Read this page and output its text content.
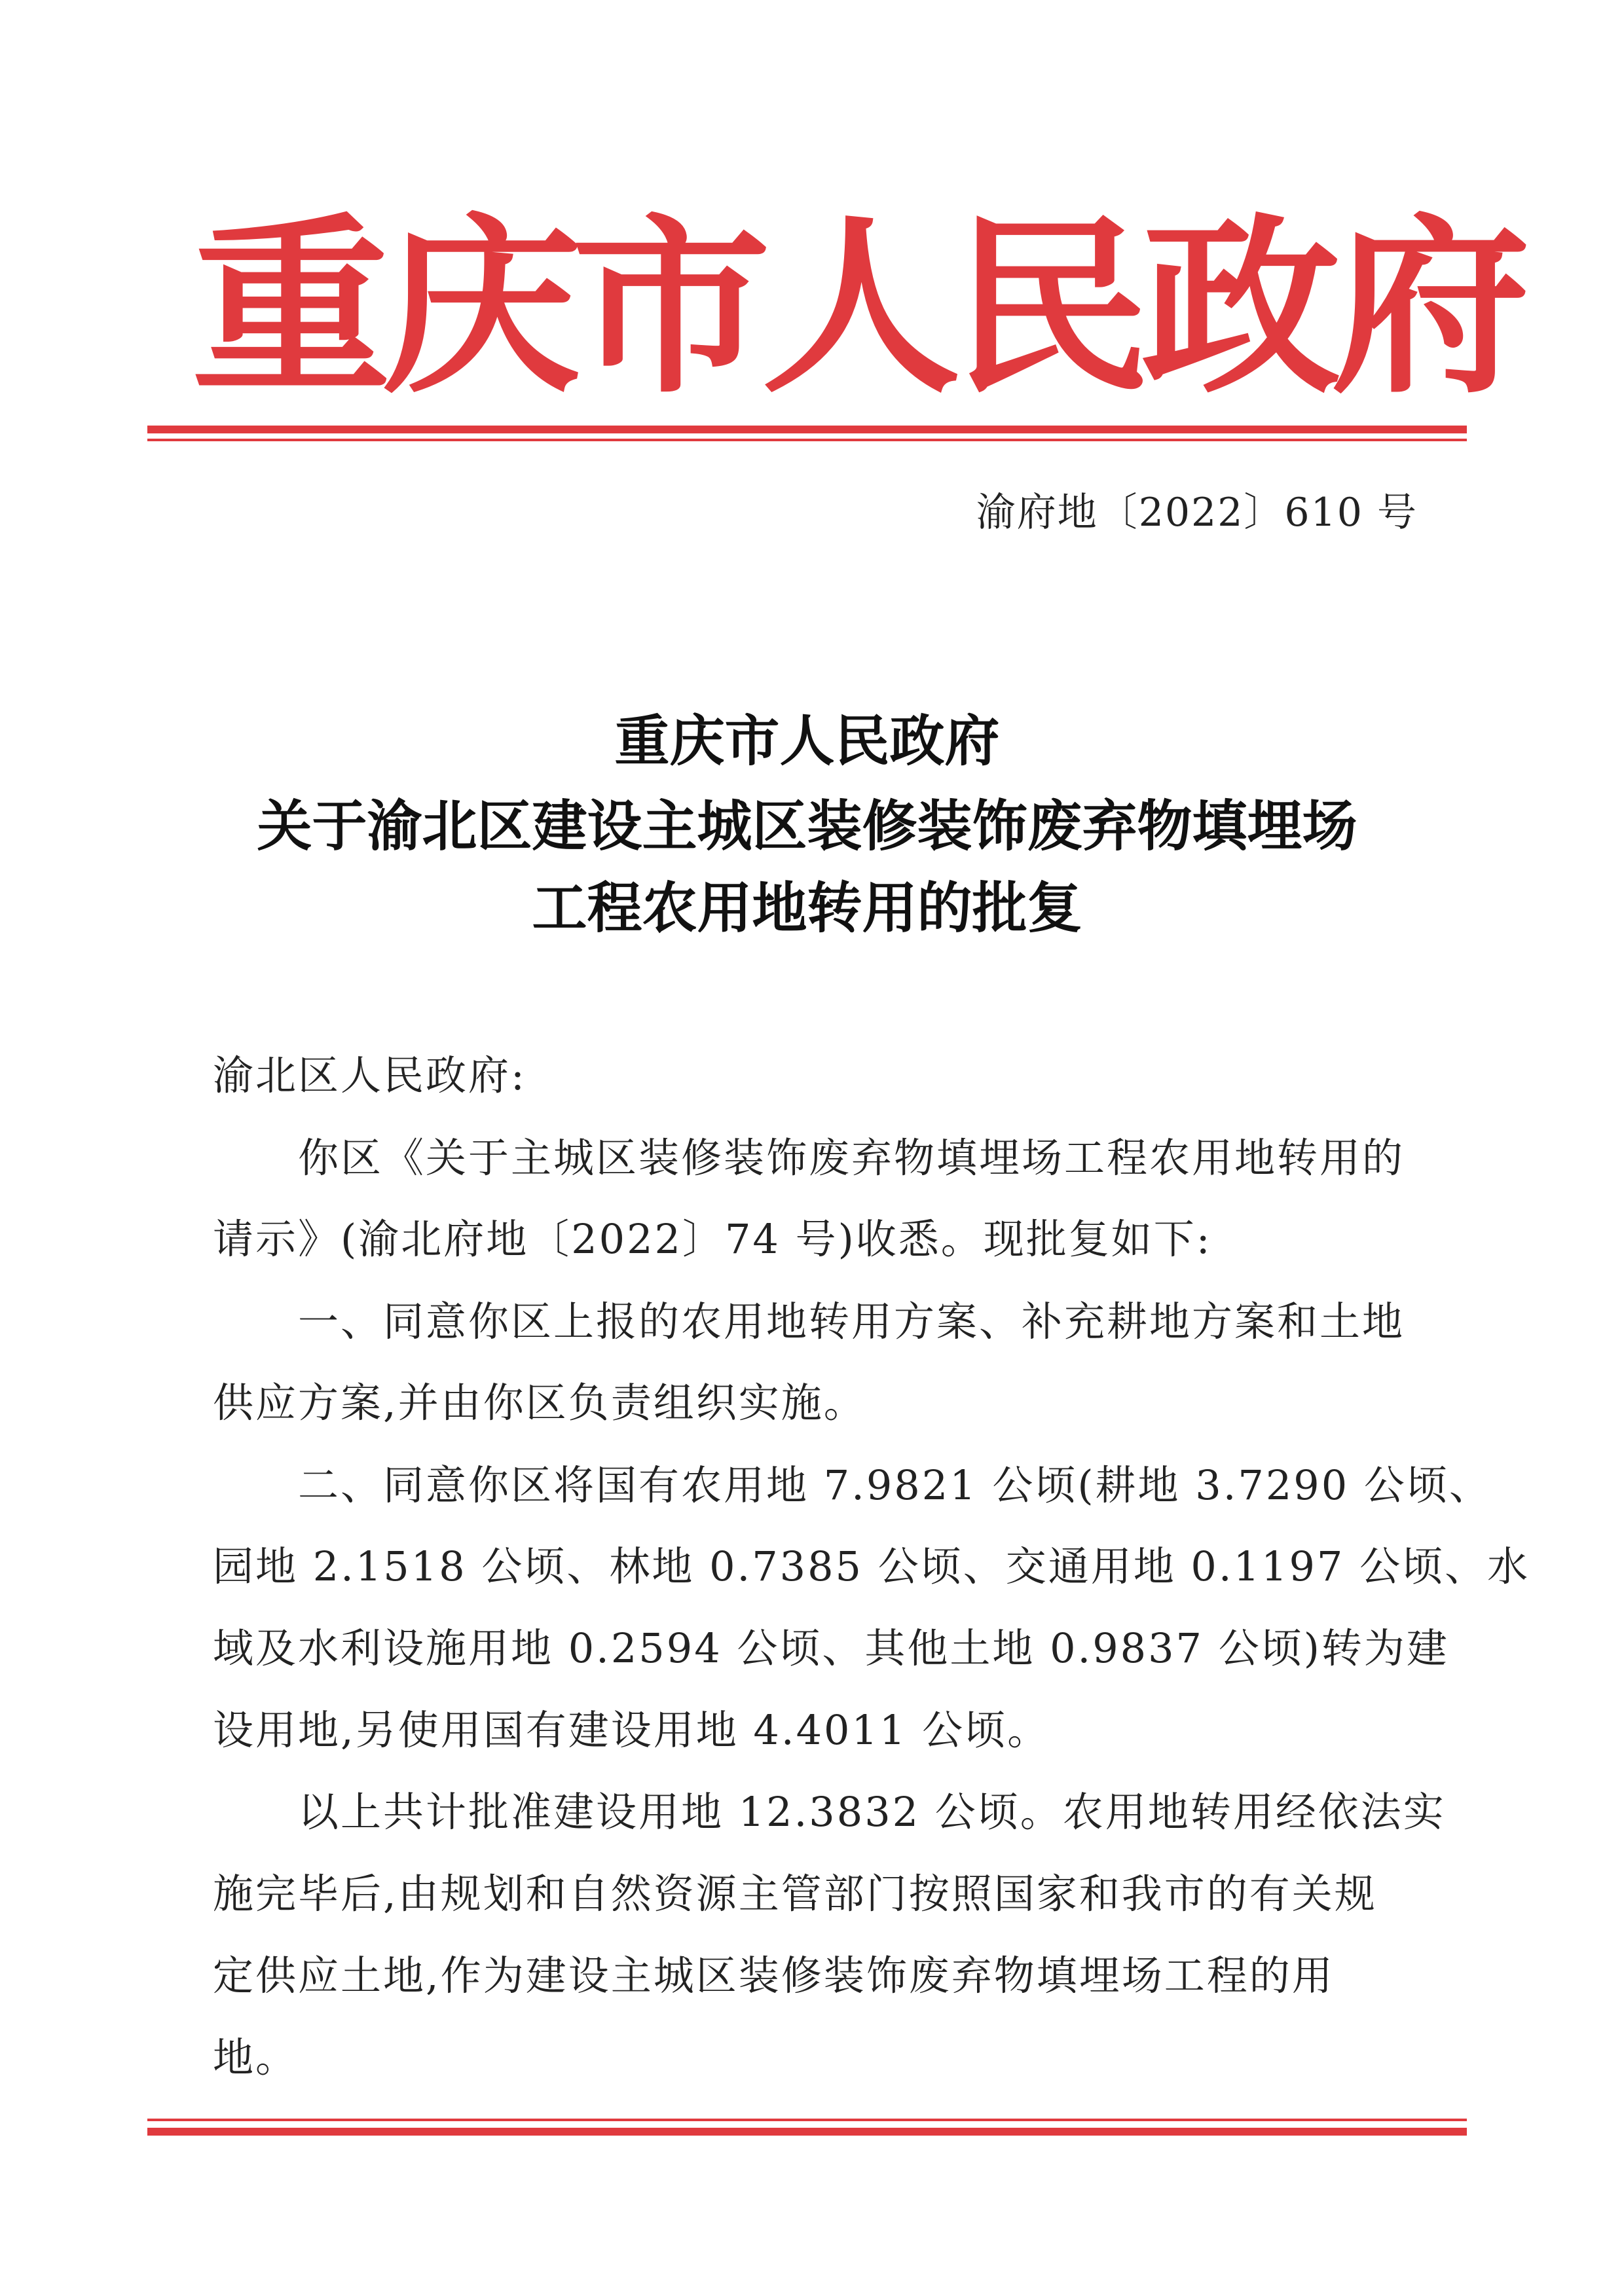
重
庆
市
人
民
政
府
渝府地〔2022〕610 号
重庆市人民政府
关于渝北区建设主城区装修装饰废弃物填埋场
工程农用地转用的批复
渝北区人民政府:
你区《关于主城区装修装饰废弃物填埋场工程农用地转用的
请示》(渝北府地〔2022〕74 号)收悉。现批复如下:
一、同意你区上报的农用地转用方案、补充耕地方案和土地
供应方案,并由你区负责组织实施。
二、同意你区将国有农用地 7.9821 公顷(耕地 3.7290 公顷、
园地 2.1518 公顷、林地 0.7385 公顷、交通用地 0.1197 公顷、水
域及水利设施用地 0.2594 公顷、其他土地 0.9837 公顷)转为建
设用地,另使用国有建设用地 4.4011 公顷。
以上共计批准建设用地 12.3832 公顷。农用地转用经依法实
施完毕后,由规划和自然资源主管部门按照国家和我市的有关规
定供应土地,作为建设主城区装修装饰废弃物填埋场工程的用
地。
